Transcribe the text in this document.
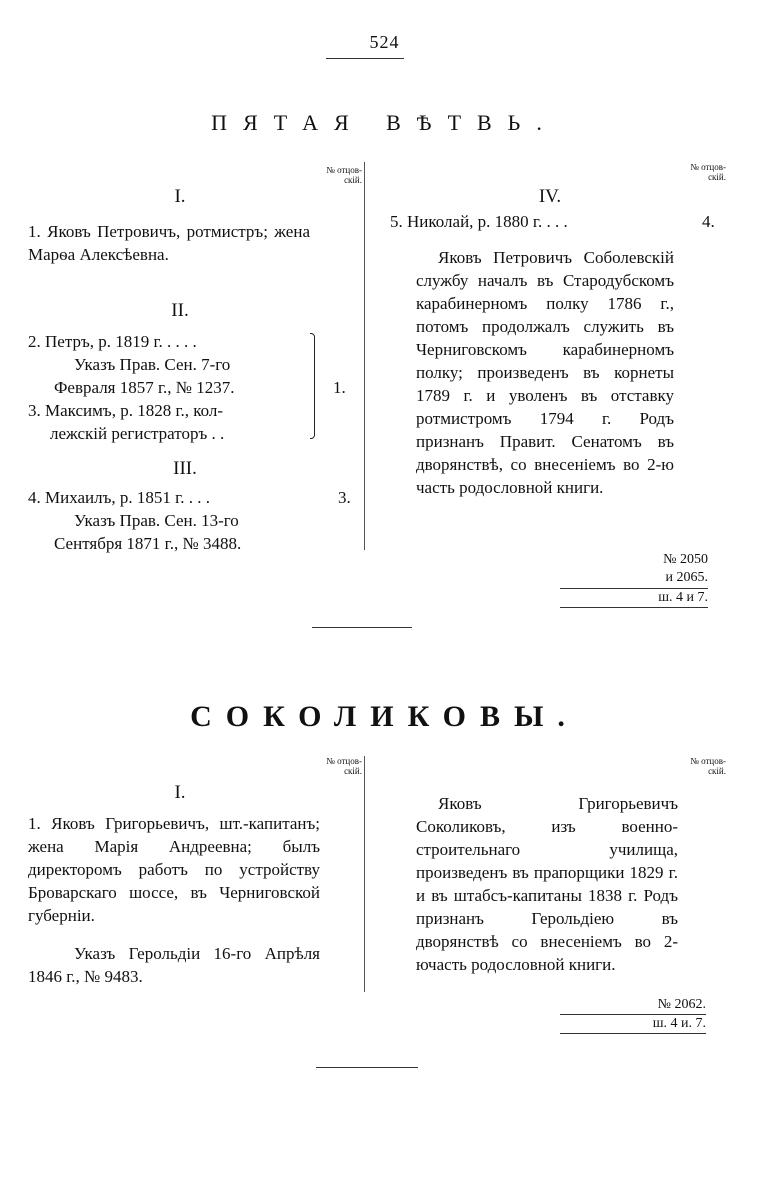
524
ПЯТАЯ ВѢТВЬ.
№ отцов-
скій.
№ отцов-
скій.
I.
1. Яковъ Петровичъ, ротмистръ; жена Марѳа Алексѣевна.
II.
2. Петръ, р. 1819 г. . . . .
Указъ Прав. Сен. 7-го
Февраля 1857 г., № 1237.
3. Максимъ, р. 1828 г., кол-
лежскій регистраторъ . .
1.
III.
4. Михаилъ, р. 1851 г. . . .
Указъ Прав. Сен. 13-го
Сентября 1871 г., № 3488.
3.
IV.
5. Николай, р. 1880 г. . . .	4.
Яковъ Петровичъ Соболевскій службу началъ въ Стародубскомъ карабинерномъ полку 1786 г., потомъ продолжалъ служить въ Черниговскомъ карабинерномъ полку; произведенъ въ корнеты 1789 г. и уволенъ въ отставку ротмистромъ 1794 г. Родъ признанъ Правит. Сенатомъ въ дворянствѣ, со внесеніемъ во 2-ю часть родословной книги.
№ 2050
и 2065.
ш. 4 и 7.
СОКОЛИКОВЫ.
№ отцов-
скій.
№ отцов-
скій.
I.
1. Яковъ Григорьевичъ, шт.-капитанъ; жена Марія Андреевна; былъ директоромъ работъ по устройству Броварскаго шоссе, въ Черниговской губерніи.
Указъ Герольдіи 16-го Апрѣля 1846 г., № 9483.
Яковъ Григорьевичъ Соколиковъ, изъ военно-строительнаго училища, произведенъ въ прапорщики 1829 г. и въ штабсъ-капитаны 1838 г. Родъ признанъ Герольдіею въ дворянствѣ со внесеніемъ во 2-ючасть родословной книги.
№ 2062.
ш. 4 и. 7.
